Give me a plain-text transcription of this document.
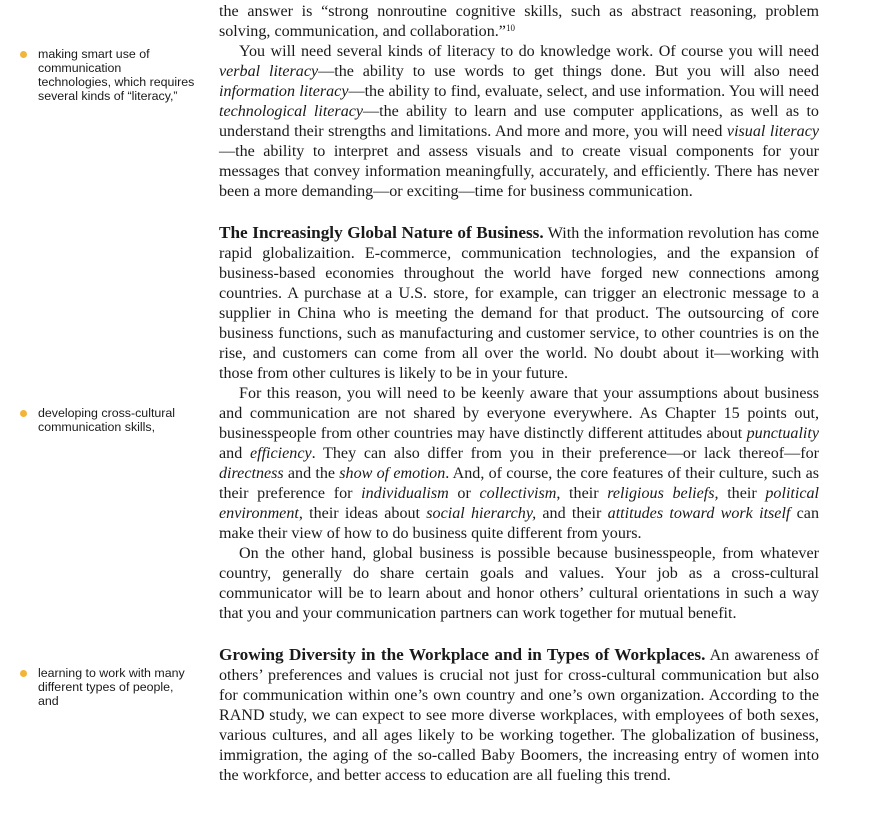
making smart use of communication technologies, which requires several kinds of “literacy,”
developing cross-cultural communication skills,
learning to work with many different types of people, and

the answer is “strong nonroutine cognitive skills, such as abstract reasoning, problem solving, communication, and collaboration.”$^{10}$

You will need several kinds of literacy to do knowledge work. Of course you will need verbal literacy—the ability to use words to get things done. But you will also need information literacy—the ability to find, evaluate, select, and use information. You will need technological literacy—the ability to learn and use computer applications, as well as to understand their strengths and limitations. And more and more, you will need visual literacy—the ability to interpret and assess visuals and to create visual components for your messages that convey information meaningfully, accurately, and efficiently. There has never been a more demanding—or exciting—time for business communication.

The Increasingly Global Nature of Business. With the information revolution has come rapid globalizaition. E-commerce, communication technologies, and the expansion of business-based economies throughout the world have forged new connections among countries. A purchase at a U.S. store, for example, can trigger an electronic message to a supplier in China who is meeting the demand for that product. The outsourcing of core business functions, such as manufacturing and customer service, to other countries is on the rise, and customers can come from all over the world. No doubt about it—working with those from other cultures is likely to be in your future.

For this reason, you will need to be keenly aware that your assumptions about business and communication are not shared by everyone everywhere. As Chapter 15 points out, businesspeople from other countries may have distinctly different attitudes about punctuality and efficiency. They can also differ from you in their preference—or lack thereof—for directness and the show of emotion. And, of course, the core features of their culture, such as their preference for individualism or collectivism, their religious beliefs, their political environment, their ideas about social hierarchy, and their attitudes toward work itself can make their view of how to do business quite different from yours.

On the other hand, global business is possible because businesspeople, from whatever country, generally do share certain goals and values. Your job as a cross-cultural communicator will be to learn about and honor others’ cultural orientations in such a way that you and your communication partners can work together for mutual benefit.

Growing Diversity in the Workplace and in Types of Workplaces. An awareness of others’ preferences and values is crucial not just for cross-cultural communication but also for communication within one’s own country and one’s own organization. According to the RAND study, we can expect to see more diverse workplaces, with employees of both sexes, various cultures, and all ages likely to be working together. The globalization of business, immigration, the aging of the so-called Baby Boomers, the increasing entry of women into the workforce, and better access to education are all fueling this trend.
